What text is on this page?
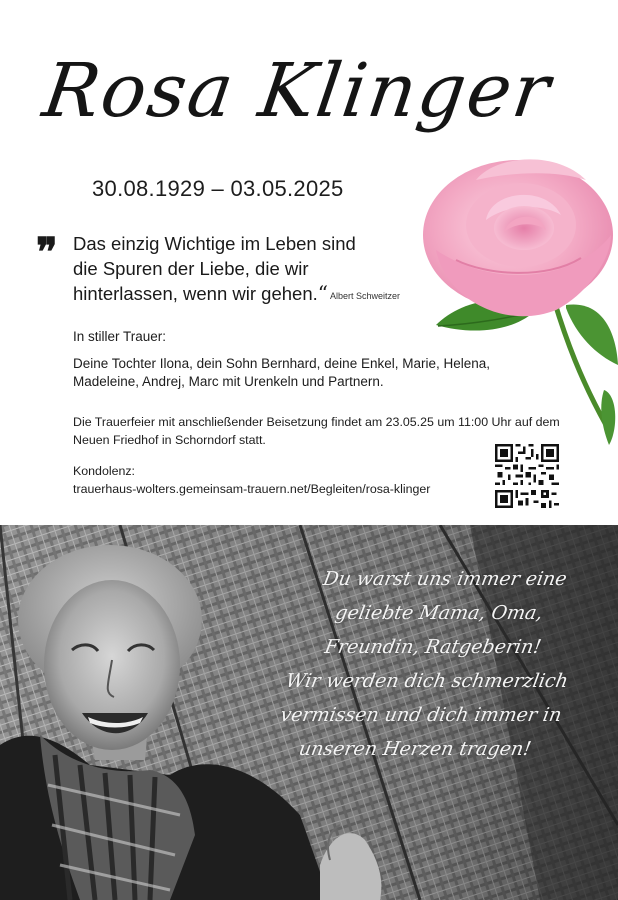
Rosa Klinger
30.08.1929 – 03.05.2025
❞ Das einzig Wichtige im Leben sind
die Spuren der Liebe, die wir
hinterlassen, wenn wir gehen.“ Albert Schweitzer
In stiller Trauer:
Deine Tochter Ilona, dein Sohn Bernhard, deine Enkel, Marie, Helena, Madeleine, Andrej, Marc mit Urenkeln und Partnern.
Die Trauerfeier mit anschließender Beisetzung findet am 23.05.25 um 11:00 Uhr auf dem Neuen Friedhof in Schorndorf statt.
Kondolenz:
trauerhaus-wolters.gemeinsam-trauern.net/Begleiten/rosa-klinger
Du warst uns immer eine
geliebte Mama, Oma,
Freundin, Ratgeberin!
Wir werden dich schmerzlich
vermissen und dich immer in
unseren Herzen tragen!
